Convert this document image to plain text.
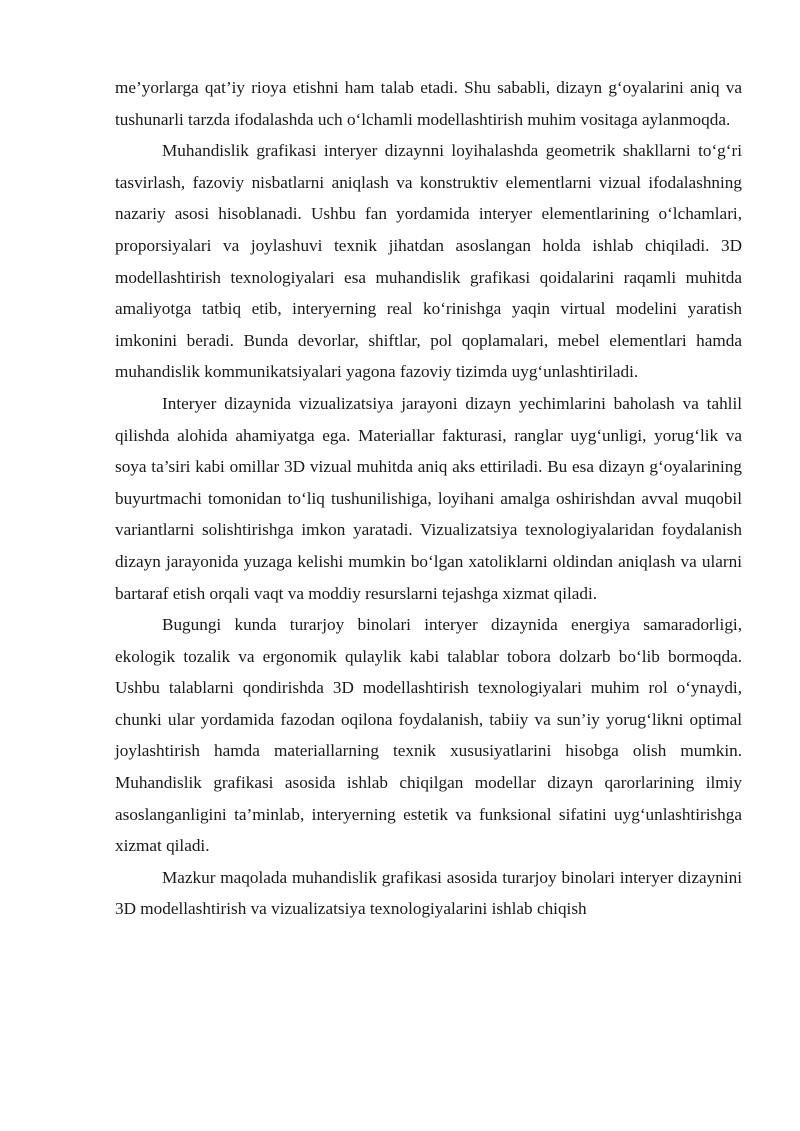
me’yorlarga qat’iy rioya etishni ham talab etadi. Shu sababli, dizayn g‘oyalarini aniq va tushunarli tarzda ifodalashda uch o‘lchamli modellashtirish muhim vositaga aylanmoqda.

Muhandislik grafikasi interyer dizaynni loyihalashda geometrik shakllarni to‘g‘ri tasvirlash, fazoviy nisbatlarni aniqlash va konstruktiv elementlarni vizual ifodalashning nazariy asosi hisoblanadi. Ushbu fan yordamida interyer elementlarining o‘lchamlari, proporsiyalari va joylashuvi texnik jihatdan asoslangan holda ishlab chiqiladi. 3D modellashtirish texnologiyalari esa muhandislik grafikasi qoidalarini raqamli muhitda amaliyotga tatbiq etib, interyerning real ko‘rinishga yaqin virtual modelini yaratish imkonini beradi. Bunda devorlar, shiftlar, pol qoplamalari, mebel elementlari hamda muhandislik kommunikatsiyalari yagona fazoviy tizimda uyg‘unlashtiriladi.

Interyer dizaynida vizualizatsiya jarayoni dizayn yechimlarini baholash va tahlil qilishda alohida ahamiyatga ega. Materiallar fakturasi, ranglar uyg‘unligi, yorug‘lik va soya ta’siri kabi omillar 3D vizual muhitda aniq aks ettiriladi. Bu esa dizayn g‘oyalarining buyurtmachi tomonidan to‘liq tushunilishiga, loyihani amalga oshirishdan avval muqobil variantlarni solishtirishga imkon yaratadi. Vizualizatsiya texnologiyalaridan foydalanish dizayn jarayonida yuzaga kelishi mumkin bo‘lgan xatoliklarni oldindan aniqlash va ularni bartaraf etish orqali vaqt va moddiy resurslarni tejashga xizmat qiladi.

Bugungi kunda turarjoy binolari interyer dizaynida energiya samaradorligi, ekologik tozalik va ergonomik qulaylik kabi talablar tobora dolzarb bo‘lib bormoqda. Ushbu talablarni qondirishda 3D modellashtirish texnologiyalari muhim rol o‘ynaydi, chunki ular yordamida fazodan oqilona foydalanish, tabiiy va sun’iy yorug‘likni optimal joylashtirish hamda materiallarning texnik xususiyatlarini hisobga olish mumkin. Muhandislik grafikasi asosida ishlab chiqilgan modellar dizayn qarorlarining ilmiy asoslanganligini ta’minlab, interyerning estetik va funksional sifatini uyg‘unlashtirishga xizmat qiladi.

Mazkur maqolada muhandislik grafikasi asosida turarjoy binolari interyer dizaynini 3D modellashtirish va vizualizatsiya texnologiyalarini ishlab chiqish
